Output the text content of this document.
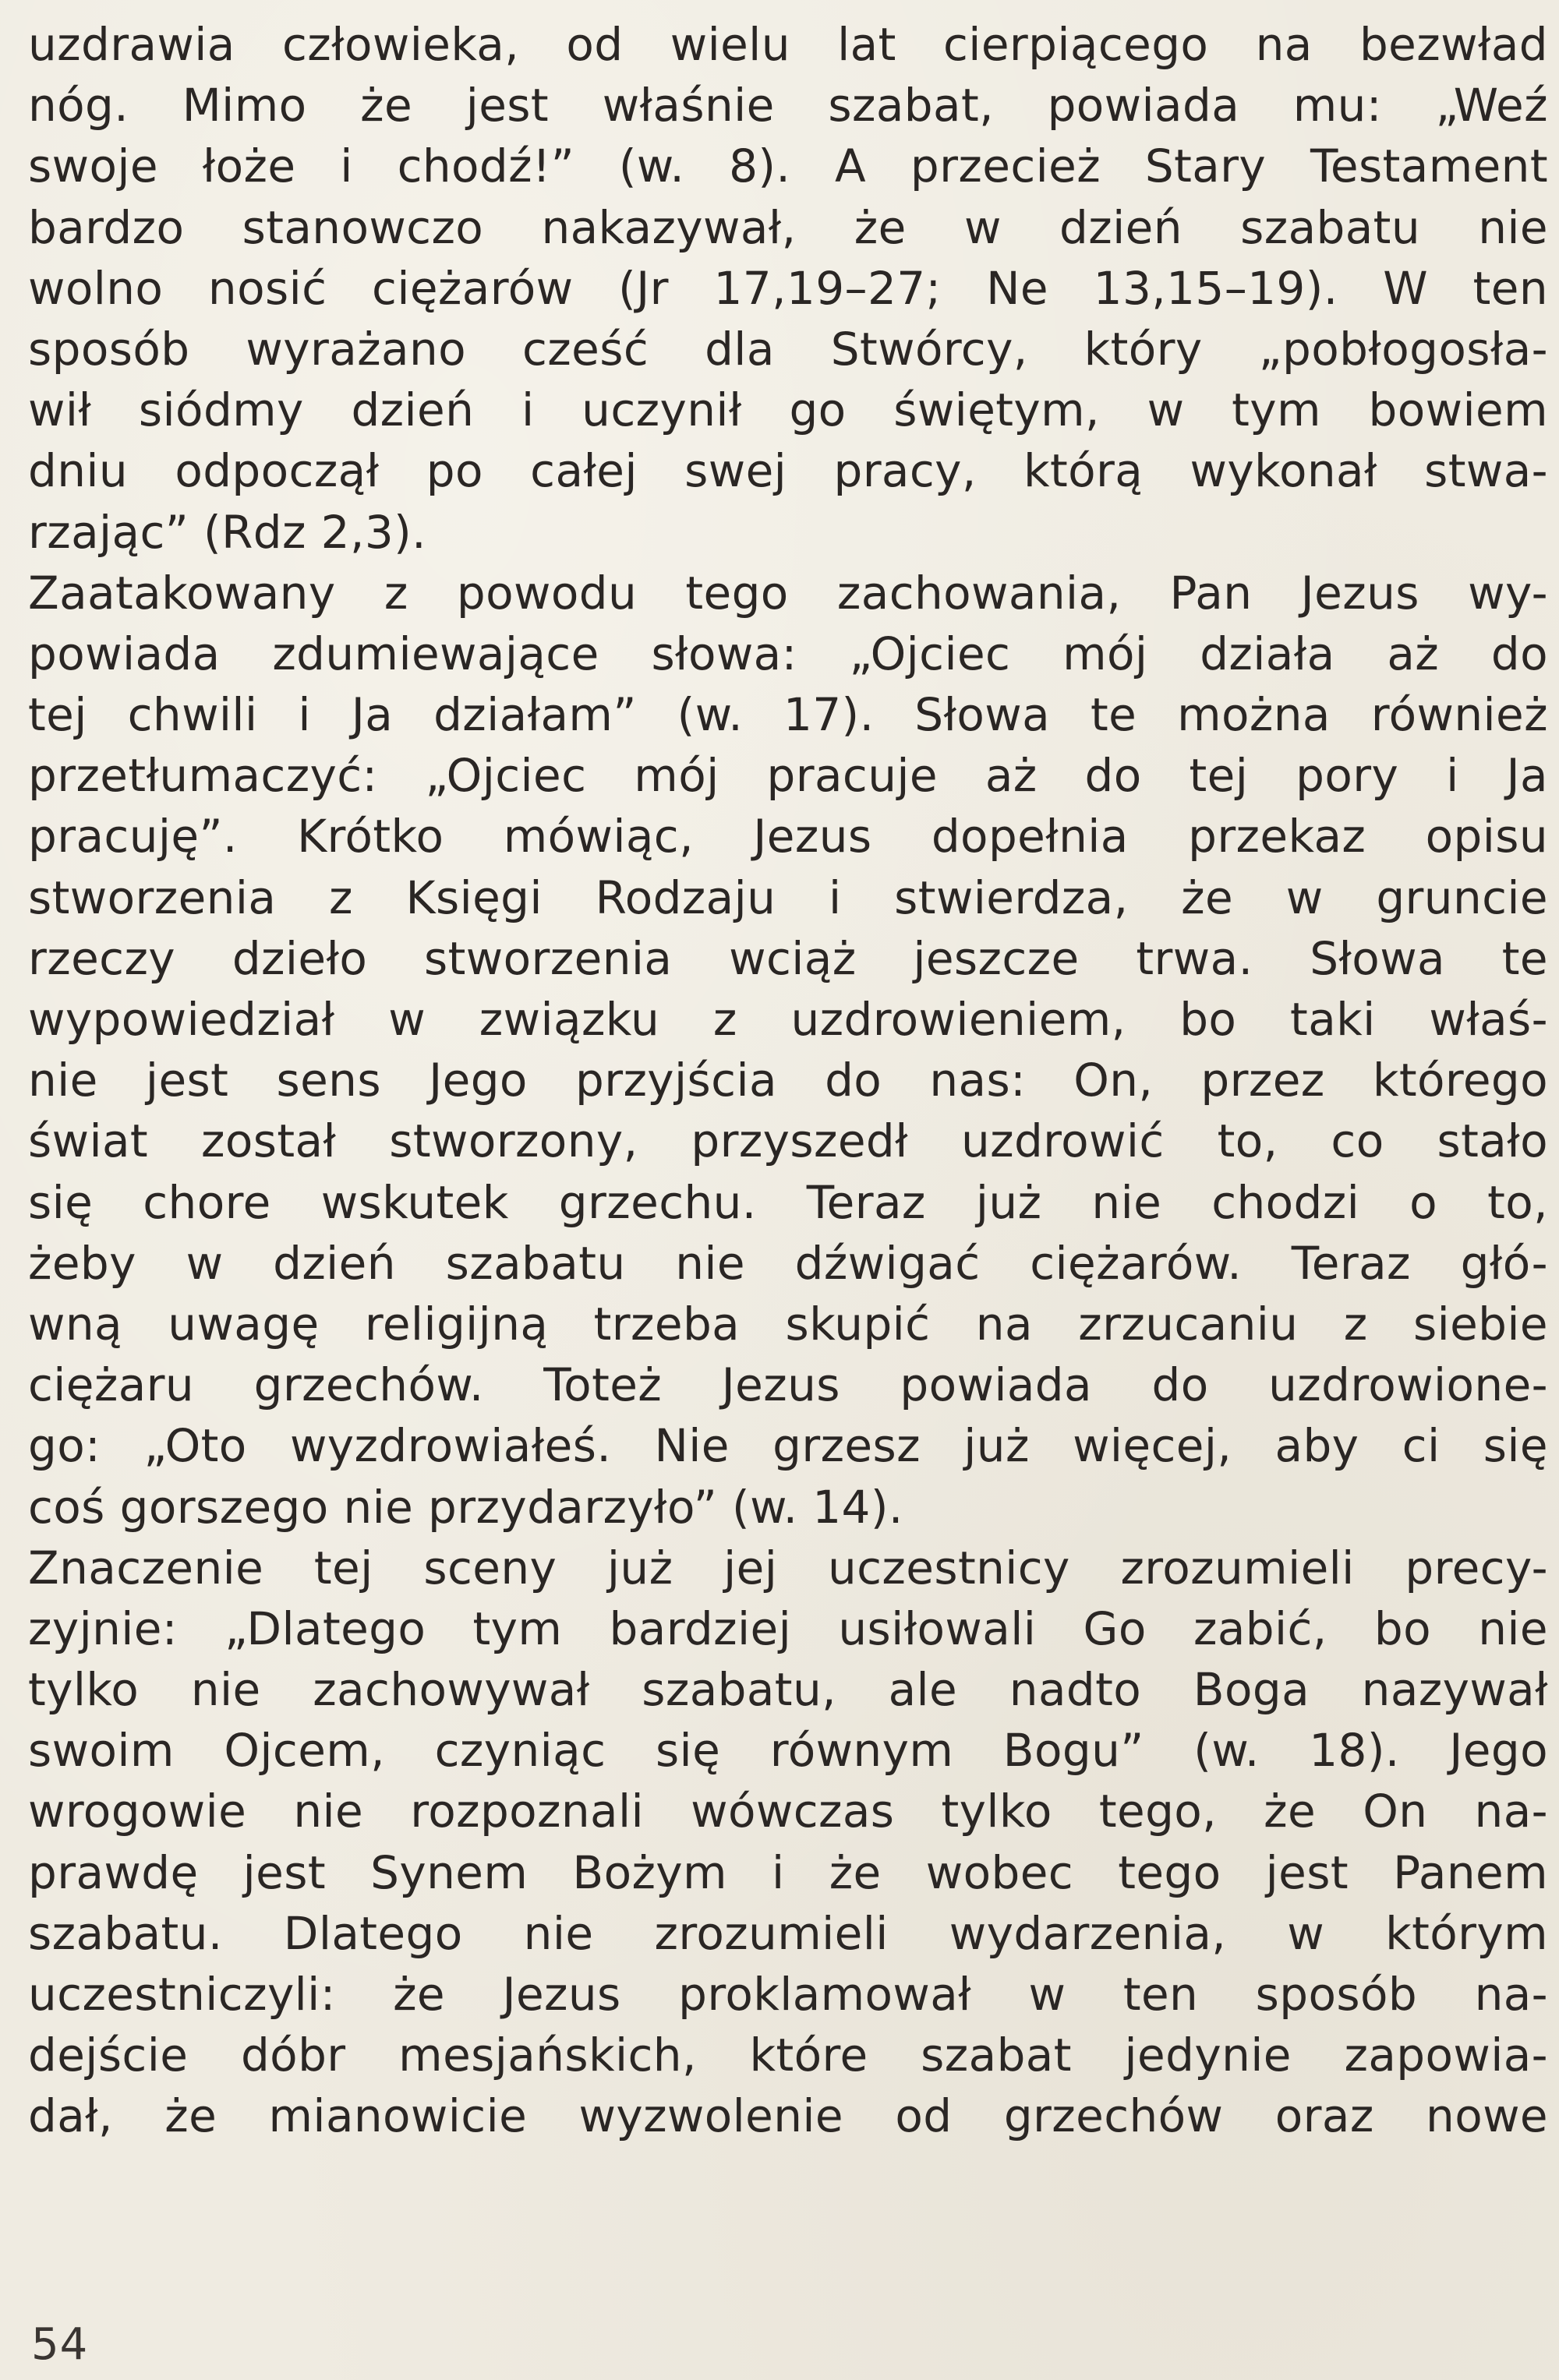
uzdrawia człowieka, od wielu lat cierpiącego na bezwład
nóg. Mimo że jest właśnie szabat, powiada mu: „Weź
swoje łoże i chodź!” (w. 8). A przecież Stary Testament
bardzo stanowczo nakazywał, że w dzień szabatu nie
wolno nosić ciężarów (Jr 17,19–27; Ne 13,15–19). W ten
sposób wyrażano cześć dla Stwórcy, który „pobłogosła-
wił siódmy dzień i uczynił go świętym, w tym bowiem
dniu odpoczął po całej swej pracy, którą wykonał stwa-
rzając” (Rdz 2,3).
Zaatakowany z powodu tego zachowania, Pan Jezus wy-
powiada zdumiewające słowa: „Ojciec mój działa aż do
tej chwili i Ja działam” (w. 17). Słowa te można również
przetłumaczyć: „Ojciec mój pracuje aż do tej pory i Ja
pracuję”. Krótko mówiąc, Jezus dopełnia przekaz opisu
stworzenia z Księgi Rodzaju i stwierdza, że w gruncie
rzeczy dzieło stworzenia wciąż jeszcze trwa. Słowa te
wypowiedział w związku z uzdrowieniem, bo taki właś-
nie jest sens Jego przyjścia do nas: On, przez którego
świat został stworzony, przyszedł uzdrowić to, co stało
się chore wskutek grzechu. Teraz już nie chodzi o to,
żeby w dzień szabatu nie dźwigać ciężarów. Teraz głó-
wną uwagę religijną trzeba skupić na zrzucaniu z siebie
ciężaru grzechów. Toteż Jezus powiada do uzdrowione-
go: „Oto wyzdrowiałeś. Nie grzesz już więcej, aby ci się
coś gorszego nie przydarzyło” (w. 14).
Znaczenie tej sceny już jej uczestnicy zrozumieli precy-
zyjnie: „Dlatego tym bardziej usiłowali Go zabić, bo nie
tylko nie zachowywał szabatu, ale nadto Boga nazywał
swoim Ojcem, czyniąc się równym Bogu” (w. 18). Jego
wrogowie nie rozpoznali wówczas tylko tego, że On na-
prawdę jest Synem Bożym i że wobec tego jest Panem
szabatu. Dlatego nie zrozumieli wydarzenia, w którym
uczestniczyli: że Jezus proklamował w ten sposób na-
dejście dóbr mesjańskich, które szabat jedynie zapowia-
dał, że mianowicie wyzwolenie od grzechów oraz nowe
54
